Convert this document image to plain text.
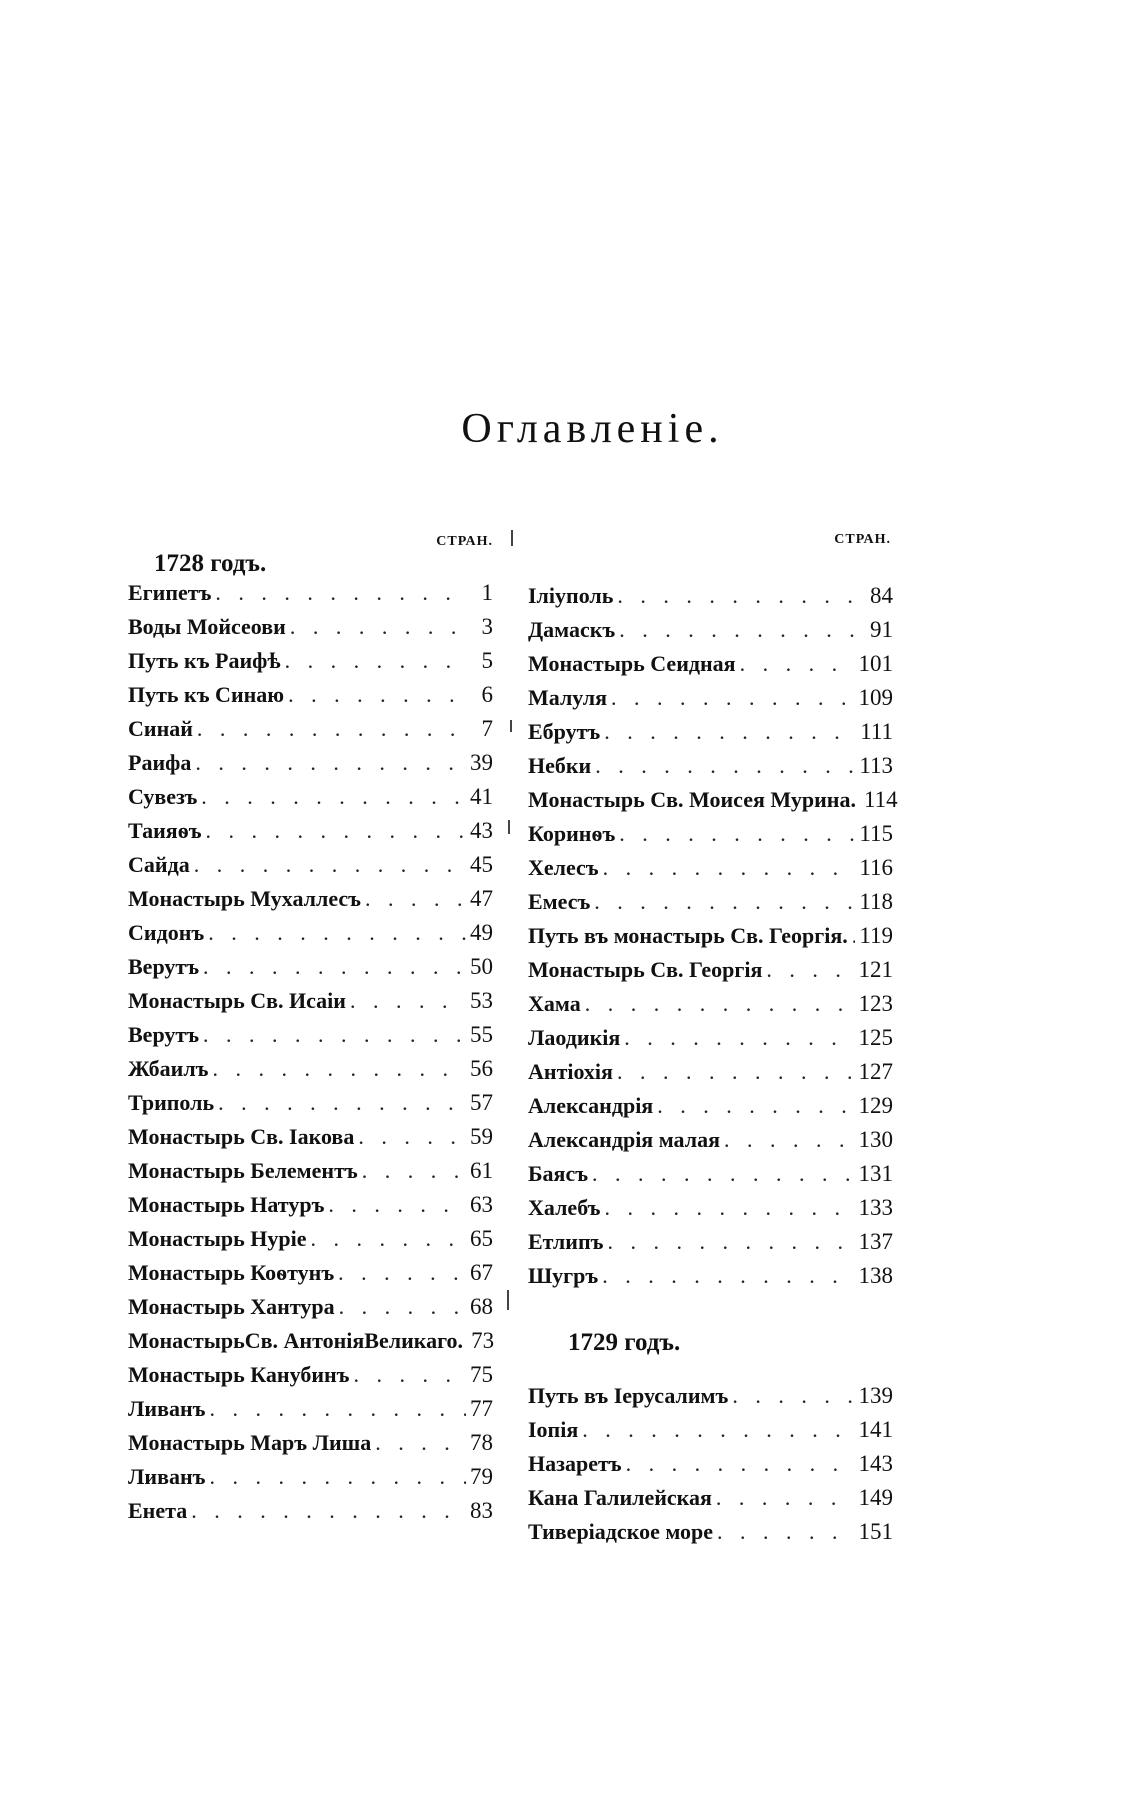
Оглавленіе.
1728 годъ.
СТРАН.
Египетъ . . .	1
Воды Мойсеови . . .	3
Путь къ Раифѣ . . .	5
Путь къ Синаю . . .	6
Синай . . .	7
Раифа . . .	39
Сувезъ . . .	41
Таияѳъ . . .	43
Сайда . . .	45
Монастырь Мухаллесъ . . .	47
Сидонъ . . .	49
Верутъ . . .	50
Монастырь Св. Исаіи . . .	53
Верутъ . . .	55
Жбаилъ . . .	56
Триполь . . .	57
Монастырь Св. Іакова . . .	59
Монастырь Белементъ . . .	61
Монастырь Натуръ . . .	63
Монастырь Нуріе . . .	65
Монастырь Коѳтунъ . . .	67
Монастырь Хантура . . .	68
МонастырьСв. АнтоніяВеликаго. 73
Монастырь Канубинъ . . .	75
Ливанъ . . .	77
Монастырь Маръ Лиша . . .	78
Ливанъ . . .	79
Енета . . .	83
СТРАН.
Іліуполь . . .	84
Дамаскъ . . .	91
Монастырь Сеидная . . .	101
Малуля . . .	109
Ебрутъ . . .	111
Небки . . .	113
Монастырь Св. Моисея Мурина. 114
Коринѳъ . . .	115
Хелесъ . . .	116
Емесъ . . .	118
Путь въ монастырь Св. Георгія. . . . 119
Монастырь Св. Георгія . . .	121
Хама . . .	123
Лаодикія . . .	125
Антіохія . . .	127
Александрія . . .	129
Александрія малая . . .	130
Баясъ . . .	131
Халебъ . . .	133
Етлипъ . . .	137
Шугръ . . .	138
1729 годъ.
Путь въ Іерусалимъ . . .	139
Іопія . . .	141
Назаретъ . . .	143
Кана Галилейская . . .	149
Тиверіадское море . . .	151
